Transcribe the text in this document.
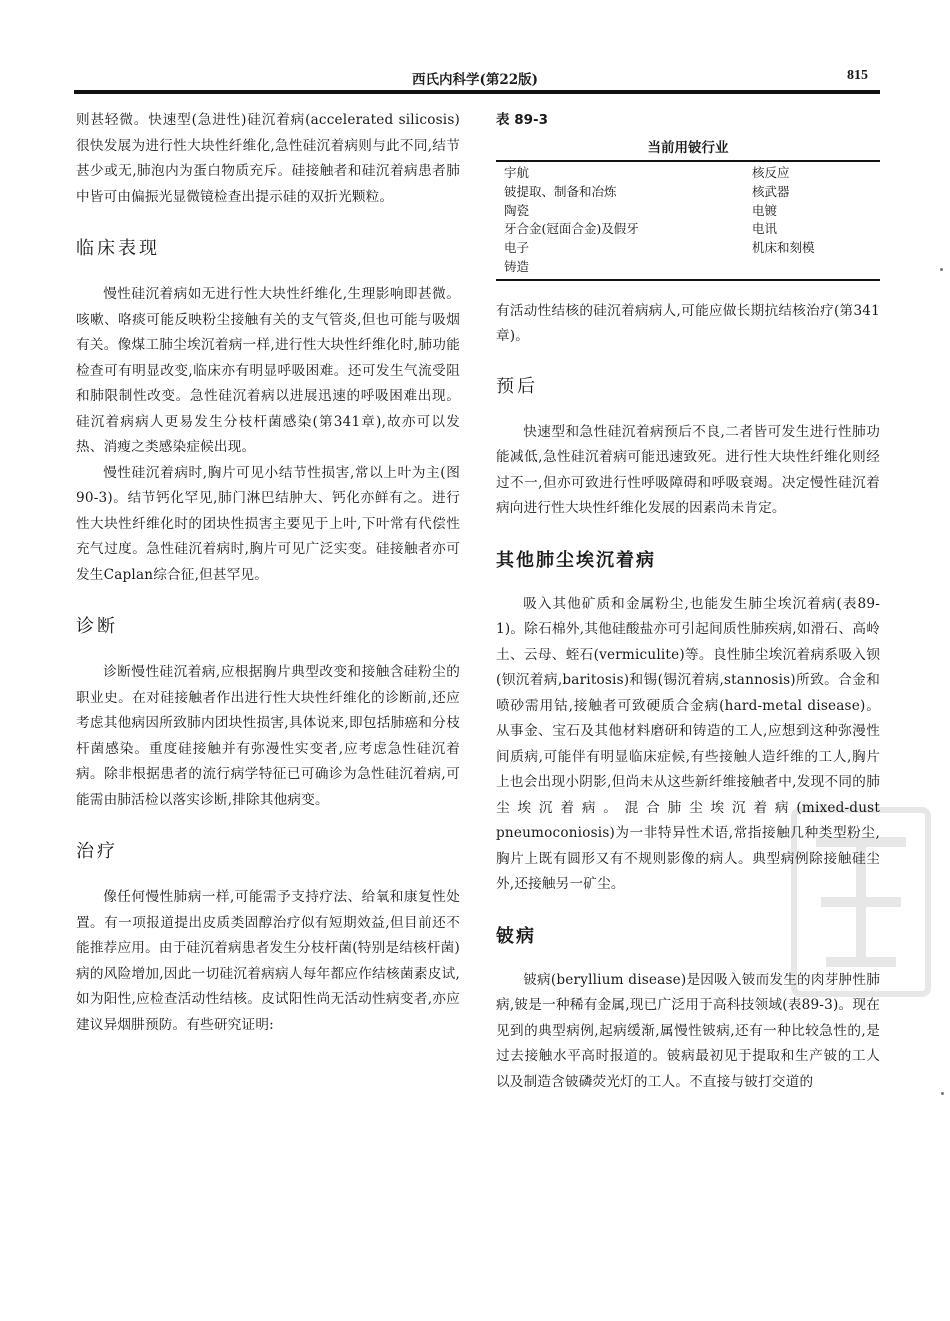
西氏内科学(第22版)	815

则甚轻微。快速型(急进性)硅沉着病(accelerated silicosis)很快发展为进行性大块性纤维化,急性硅沉着病则与此不同,结节甚少或无,肺泡内为蛋白物质充斥。硅接触者和硅沉着病患者肺中皆可由偏振光显微镜检查出提示硅的双折光颗粒。

临床表现

慢性硅沉着病如无进行性大块性纤维化,生理影响即甚微。咳嗽、咯痰可能反映粉尘接触有关的支气管炎,但也可能与吸烟有关。像煤工肺尘埃沉着病一样,进行性大块性纤维化时,肺功能检查可有明显改变,临床亦有明显呼吸困难。还可发生气流受阻和肺限制性改变。急性硅沉着病以进展迅速的呼吸困难出现。硅沉着病病人更易发生分枝杆菌感染(第341章),故亦可以发热、消瘦之类感染症候出现。

慢性硅沉着病时,胸片可见小结节性损害,常以上叶为主(图90-3)。结节钙化罕见,肺门淋巴结肿大、钙化亦鲜有之。进行性大块性纤维化时的团块性损害主要见于上叶,下叶常有代偿性充气过度。急性硅沉着病时,胸片可见广泛实变。硅接触者亦可发生Caplan综合征,但甚罕见。

诊断

诊断慢性硅沉着病,应根据胸片典型改变和接触含硅粉尘的职业史。在对硅接触者作出进行性大块性纤维化的诊断前,还应考虑其他病因所致肺内团块性损害,具体说来,即包括肺癌和分枝杆菌感染。重度硅接触并有弥漫性实变者,应考虑急性硅沉着病。除非根据患者的流行病学特征已可确诊为急性硅沉着病,可能需由肺活检以落实诊断,排除其他病变。

治疗

像任何慢性肺病一样,可能需予支持疗法、给氧和康复性处置。有一项报道提出皮质类固醇治疗似有短期效益,但目前还不能推荐应用。由于硅沉着病患者发生分枝杆菌(特别是结核杆菌)病的风险增加,因此一切硅沉着病病人每年都应作结核菌素皮试,如为阳性,应检查活动性结核。皮试阳性尚无活动性病变者,亦应建议异烟肼预防。有些研究证明:

表 89-3
当前用铍行业
宇航
铍提取、制备和冶炼
陶瓷
牙合金(冠面合金)及假牙
电子
铸造
核反应
核武器
电镀
电讯
机床和刻模

有活动性结核的硅沉着病病人,可能应做长期抗结核治疗(第341章)。

预后

快速型和急性硅沉着病预后不良,二者皆可发生进行性肺功能减低,急性硅沉着病可能迅速致死。进行性大块性纤维化则经过不一,但亦可致进行性呼吸障碍和呼吸衰竭。决定慢性硅沉着病向进行性大块性纤维化发展的因素尚未肯定。

其他肺尘埃沉着病

吸入其他矿质和金属粉尘,也能发生肺尘埃沉着病(表89-1)。除石棉外,其他硅酸盐亦可引起间质性肺疾病,如滑石、高岭土、云母、蛭石(vermiculite)等。良性肺尘埃沉着病系吸入钡(钡沉着病,baritosis)和锡(锡沉着病,stannosis)所致。合金和喷砂需用钴,接触者可致硬质合金病(hard-metal disease)。从事金、宝石及其他材料磨研和铸造的工人,应想到这种弥漫性间质病,可能伴有明显临床症候,有些接触人造纤维的工人,胸片上也会出现小阴影,但尚未从这些新纤维接触者中,发现不同的肺尘埃沉着病。混合肺尘埃沉着病(mixed-dust pneumoconiosis)为一非特异性术语,常指接触几种类型粉尘,胸片上既有圆形又有不规则影像的病人。典型病例除接触硅尘外,还接触另一矿尘。

铍病

铍病(beryllium disease)是因吸入铍而发生的肉芽肿性肺病,铍是一种稀有金属,现已广泛用于高科技领域(表89-3)。现在见到的典型病例,起病缓渐,属慢性铍病,还有一种比较急性的,是过去接触水平高时报道的。铍病最初见于提取和生产铍的工人以及制造含铍磷荧光灯的工人。不直接与铍打交道的
